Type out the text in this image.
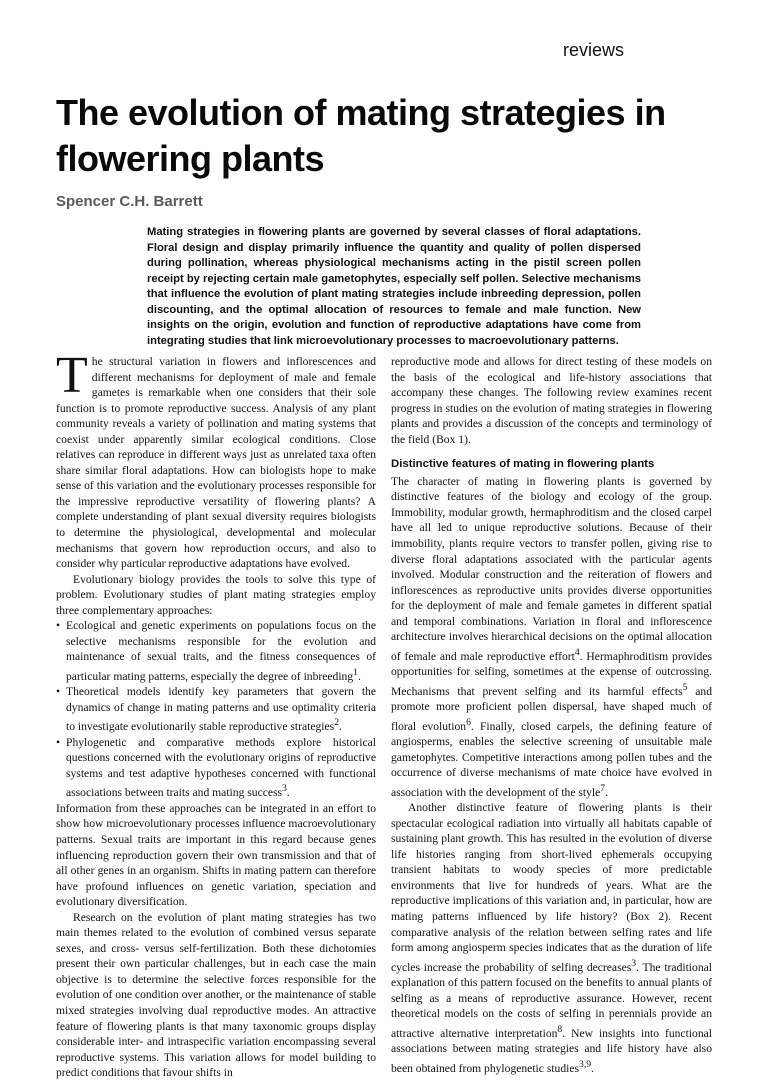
reviews
The evolution of mating strategies in flowering plants
Spencer C.H. Barrett
Mating strategies in flowering plants are governed by several classes of floral adaptations. Floral design and display primarily influence the quantity and quality of pollen dispersed during pollination, whereas physiological mechanisms acting in the pistil screen pollen receipt by rejecting certain male gametophytes, especially self pollen. Selective mechanisms that influence the evolution of plant mating strategies include inbreeding depression, pollen discounting, and the optimal allocation of resources to female and male function. New insights on the origin, evolution and function of reproductive adaptations have come from integrating studies that link microevolutionary processes to macroevolutionary patterns.

The structural variation in flowers and inflorescences and different mechanisms for deployment of male and female gametes is remarkable when one considers that their sole function is to promote reproductive success. Analysis of any plant community reveals a variety of pollination and mating systems that coexist under apparently similar ecological conditions. Close relatives can reproduce in different ways just as unrelated taxa often share similar floral adaptations. How can biologists hope to make sense of this variation and the evolutionary processes responsible for the impressive reproductive versatility of flowering plants? A complete understanding of plant sexual diversity requires biologists to determine the physiological, developmental and molecular mechanisms that govern how reproduction occurs, and also to consider why particular reproductive adaptations have evolved.

Evolutionary biology provides the tools to solve this type of problem. Evolutionary studies of plant mating strategies employ three complementary approaches:

• Ecological and genetic experiments on populations focus on the selective mechanisms responsible for the evolution and maintenance of sexual traits, and the fitness consequences of particular mating patterns, especially the degree of inbreeding$^1$.
• Theoretical models identify key parameters that govern the dynamics of change in mating patterns and use optimality criteria to investigate evolutionarily stable reproductive strategies$^2$.
• Phylogenetic and comparative methods explore historical questions concerned with the evolutionary origins of reproductive systems and test adaptive hypotheses concerned with functional associations between traits and mating success$^3$.

Information from these approaches can be integrated in an effort to show how microevolutionary processes influence macroevolutionary patterns. Sexual traits are important in this regard because genes influencing reproduction govern their own transmission and that of all other genes in an organism. Shifts in mating pattern can therefore have profound influences on genetic variation, speciation and evolutionary diversification.

Research on the evolution of plant mating strategies has two main themes related to the evolution of combined versus separate sexes, and cross- versus self-fertilization. Both these dichotomies present their own particular challenges, but in each case the main objective is to determine the selective forces responsible for the evolution of one condition over another, or the maintenance of stable mixed strategies involving dual reproductive modes. An attractive feature of flowering plants is that many taxonomic groups display considerable inter- and intraspecific variation encompassing several reproductive systems. This variation allows for model building to predict conditions that favour shifts in

reproductive mode and allows for direct testing of these models on the basis of the ecological and life-history associations that accompany these changes. The following review examines recent progress in studies on the evolution of mating strategies in flowering plants and provides a discussion of the concepts and terminology of the field (Box 1).

Distinctive features of mating in flowering plants

The character of mating in flowering plants is governed by distinctive features of the biology and ecology of the group. Immobility, modular growth, hermaphroditism and the closed carpel have all led to unique reproductive solutions. Because of their immobility, plants require vectors to transfer pollen, giving rise to diverse floral adaptations associated with the particular agents involved. Modular construction and the reiteration of flowers and inflorescences as reproductive units provides diverse opportunities for the deployment of male and female gametes in different spatial and temporal combinations. Variation in floral and inflorescence architecture involves hierarchical decisions on the optimal allocation of female and male reproductive effort$^4$. Hermaphroditism provides opportunities for selfing, sometimes at the expense of outcrossing. Mechanisms that prevent selfing and its harmful effects$^5$ and promote more proficient pollen dispersal, have shaped much of floral evolution$^6$. Finally, closed carpels, the defining feature of angiosperms, enables the selective screening of unsuitable male gametophytes. Competitive interactions among pollen tubes and the occurrence of diverse mechanisms of mate choice have evolved in association with the development of the style$^7$.

Another distinctive feature of flowering plants is their spectacular ecological radiation into virtually all habitats capable of sustaining plant growth. This has resulted in the evolution of diverse life histories ranging from short-lived ephemerals occupying transient habitats to woody species of more predictable environments that live for hundreds of years. What are the reproductive implications of this variation and, in particular, how are mating patterns influenced by life history? (Box 2). Recent comparative analysis of the relation between selfing rates and life form among angiosperm species indicates that as the duration of life cycles increase the probability of selfing decreases$^3$. The traditional explanation of this pattern focused on the benefits to annual plants of selfing as a means of reproductive assurance. However, recent theoretical models on the costs of selfing in perennials provide an attractive alternative interpretation$^8$. New insights into functional associations between mating strategies and life history have also been obtained from phylogenetic studies$^{3,9}$.
